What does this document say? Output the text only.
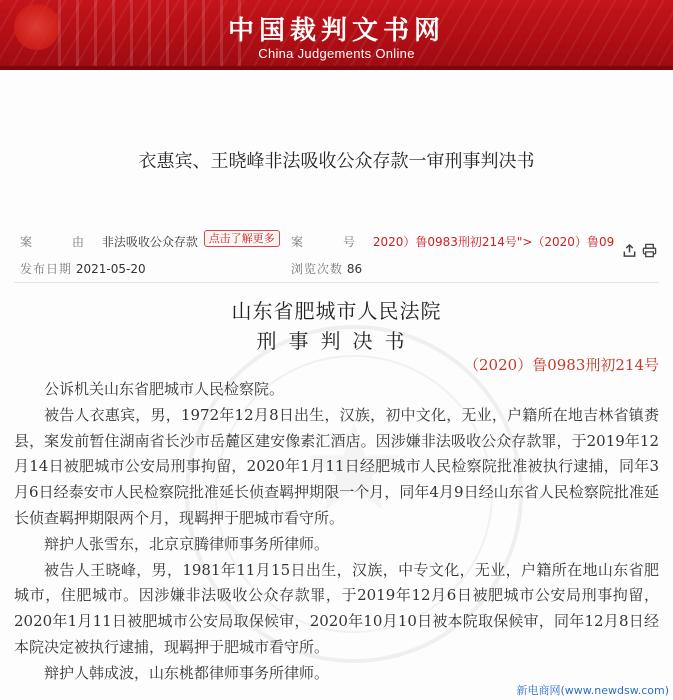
中国裁判文书网
China Judgements Online
衣惠宾、王晓峰非法吸收公众存款一审刑事判决书
案　由 非法吸收公众存款 点击了解更多	案　号 2020）鲁0983刑初214号">（2020）鲁09
发布日期 2021-05-20	浏览次数 86
★
山东省肥城市人民法院
刑事判决书
（2020）鲁0983刑初214号

公诉机关山东省肥城市人民检察院。

被告人衣惠宾，男，1972年12月8日出生，汉族，初中文化，无业，户籍所在地吉林省镇赉县，案发前暂住湖南省长沙市岳麓区建安像素汇酒店。因涉嫌非法吸收公众存款罪，于2019年12月14日被肥城市公安局刑事拘留，2020年1月11日经肥城市人民检察院批准被执行逮捕，同年3月6日经泰安市人民检察院批准延长侦查羁押期限一个月，同年4月9日经山东省人民检察院批准延长侦查羁押期限两个月，现羁押于肥城市看守所。

辩护人张雪东，北京京腾律师事务所律师。

被告人王晓峰，男，1981年11月15日出生，汉族，中专文化，无业，户籍所在地山东省肥城市，住肥城市。因涉嫌非法吸收公众存款罪，于2019年12月6日被肥城市公安局刑事拘留，2020年1月11日被肥城市公安局取保候审，2020年10月10日被本院取保候审，同年12月8日经本院决定被执行逮捕，现羁押于肥城市看守所。

辩护人韩成波，山东桃都律师事务所律师。

新电商网(www.newdsw.com)
